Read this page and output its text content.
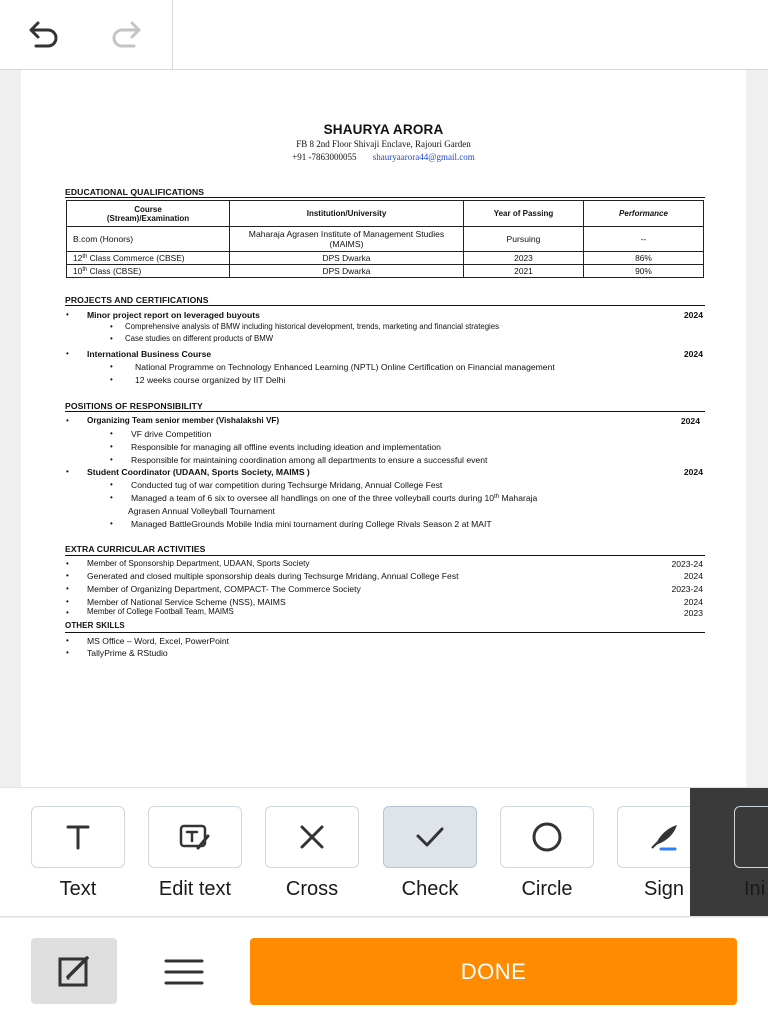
SHAURYA ARORA
FB 8 2nd Floor Shivaji Enclave, Rajouri Garden
+91 -7863000055 shauryaarora44@gmail.com
EDUCATIONAL QUALIFICATIONS
Course
(Stream)/Examination	Institution/University	Year of Passing	Performance
B.com (Honors)	Maharaja Agrasen Institute of Management Studies (MAIMS)	Pursuing	--
12th Class Commerce (CBSE)	DPS Dwarka	2023	86%
10th Class (CBSE)	DPS Dwarka	2021	90%
PROJECTS AND CERTIFICATIONS
• Minor project report on leveraged buyouts	2024
• Comprehensive analysis of BMW including historical development, trends, marketing and financial strategies
• Case studies on different products of BMW
• International Business Course	2024
•	National Programme on Technology Enhanced Learning (NPTL) Online Certification on Financial management
•	12 weeks course organized by IIT Delhi
POSITIONS OF RESPONSIBILITY
• Organizing Team senior member (Vishalakshi VF)	2024
• VF drive Competition
• Responsible for managing all offline events including ideation and implementation
• Responsible for maintaining coordination among all departments to ensure a successful event
• Student Coordinator (UDAAN, Sports Society, MAIMS )	2024
• Conducted tug of war competition during Techsurge Mridang, Annual College Fest
• Managed a team of 6 six to oversee all handlings on one of the three volleyball courts during 10th Maharaja
Agrasen Annual Volleyball Tournament
• Managed BattleGrounds Mobile India mini tournament during College Rivals Season 2 at MAIT
EXTRA CURRICULAR ACTIVITIES
• Member of Sponsorship Department, UDAAN, Sports Society	2023-24
• Generated and closed multiple sponsorship deals during Techsurge Mridang, Annual College Fest	2024
• Member of Organizing Department, COMPACT- The Commerce Society	2023-24
• Member of National Service Scheme (NSS), MAIMS	2024
• Member of College Football Team, MAIMS	2023
OTHER SKILLS
• MS Office – Word, Excel, PowerPoint
• TallyPrime & RStudio
Text	Edit text	Cross	Check	Circle	Sign	Ini
DONE
